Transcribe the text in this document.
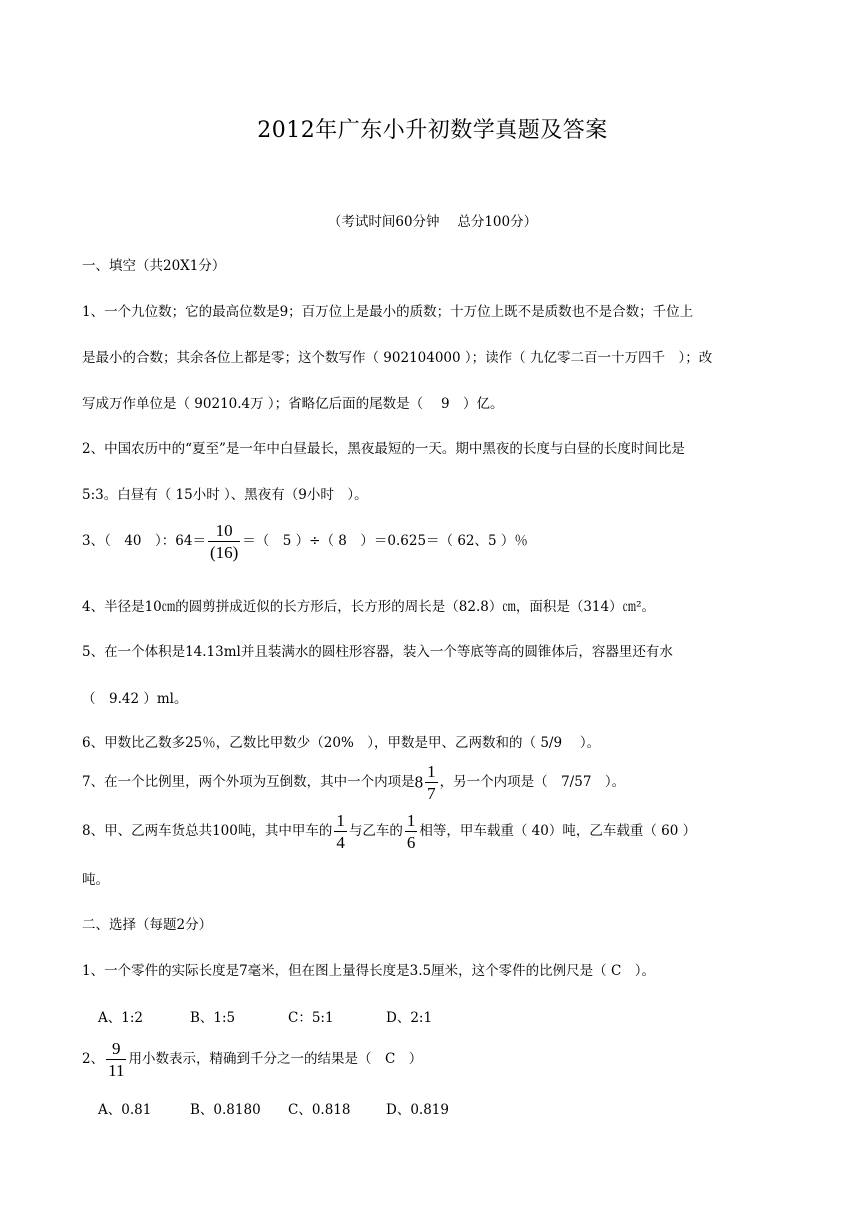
2012年广东小升初数学真题及答案
（考试时间60分钟　 总分100分）
一、填空（共20X1分）
1、一个九位数；它的最高位数是9；百万位上是最小的质数；十万位上既不是质数也不是合数；千位上
是最小的合数；其余各位上都是零；这个数写作（ 902104000 ）；读作（ 九亿零二百一十万四千　）；改
写成万作单位是（ 90210.4万 ）；省略亿后面的尾数是（　 9　）亿。
2、中国农历中的“夏至”是一年中白昼最长，黑夜最短的一天。期中黑夜的长度与白昼的长度时间比是
5:3。白昼有（ 15小时 ）、黑夜有（9小时　）。
3、（　40　）：$64= \frac{10}{(16)}$ ＝（　5 ）÷（ 8　）＝0.625＝（ 62、5 ）％
4、半径是10㎝的圆剪拼成近似的长方形后，长方形的周长是（82.8）㎝，面积是（314）㎝²。
5、在一个体积是14.13ml并且装满水的圆柱形容器，装入一个等底等高的圆锥体后，容器里还有水
（　9.42 ）ml。
6、甲数比乙数多25％，乙数比甲数少（20%　），甲数是甲、乙两数和的（ 5/9　 ）。
7、在一个比例里，两个外项为互倒数，其中一个内项是$8 \frac{1}{7}$ ，另一个内项是（　7/57　）。
8、甲、乙两车货总共100吨，其中甲车的 $\frac{1}{4}$ 与乙车的 $\frac{1}{6}$ 相等，甲车载重（ 40）吨，乙车载重（ 60 ）
吨。
二、选择（每题2分）
1、一个零件的实际长度是7毫米，但在图上量得长度是3.5厘米，这个零件的比例尺是（ C　）。
A、1:2	B、1:5	C：5:1	D、2:1
2、 $\frac{9}{11}$ 用小数表示，精确到千分之一的结果是（　C　）
A、0.81	B、0.8180 C、0.818	D、0.819
